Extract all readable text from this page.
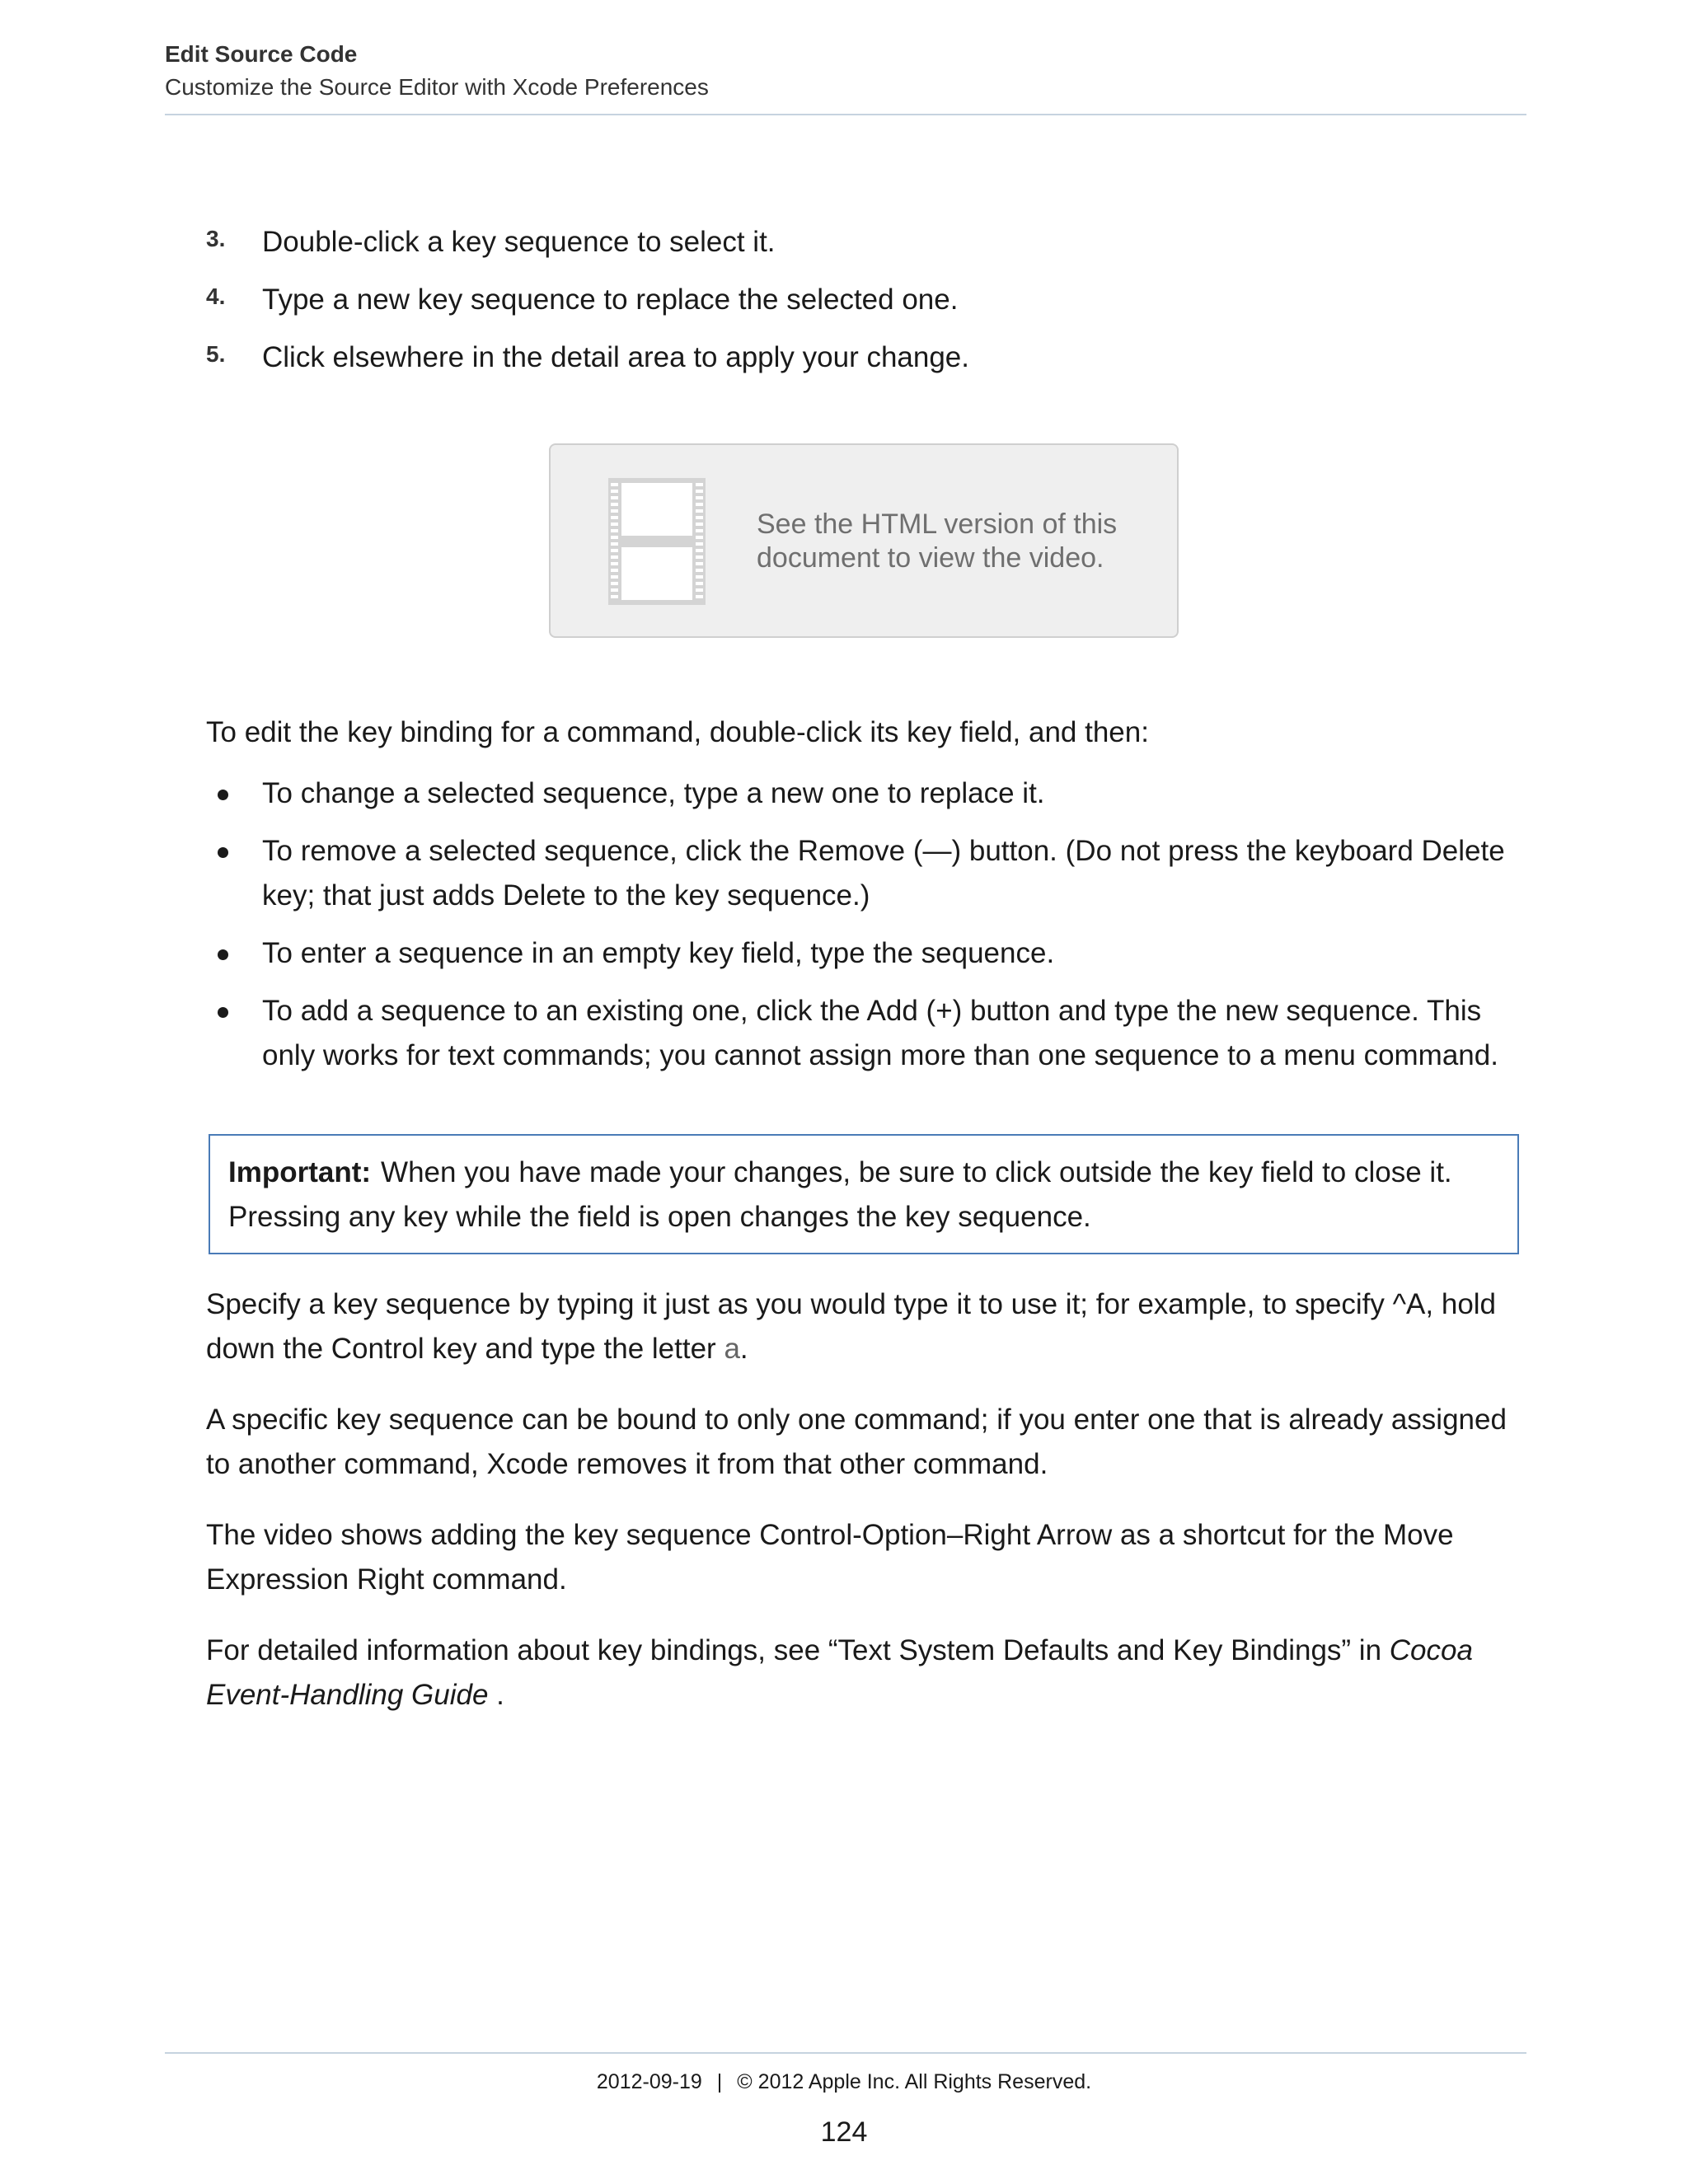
Edit Source Code
Customize the Source Editor with Xcode Preferences
3. Double-click a key sequence to select it.
4. Type a new key sequence to replace the selected one.
5. Click elsewhere in the detail area to apply your change.
See the HTML version of this
document to view the video.
To edit the key binding for a command, double-click its key field, and then:
To change a selected sequence, type a new one to replace it.
To remove a selected sequence, click the Remove (—) button. (Do not press the keyboard Delete key; that just adds Delete to the key sequence.)
To enter a sequence in an empty key field, type the sequence.
To add a sequence to an existing one, click the Add (+) button and type the new sequence. This only works for text commands; you cannot assign more than one sequence to a menu command.
Important: When you have made your changes, be sure to click outside the key field to close it. Pressing any key while the field is open changes the key sequence.
Specify a key sequence by typing it just as you would type it to use it; for example, to specify ^A, hold down the Control key and type the letter a.
A specific key sequence can be bound to only one command; if you enter one that is already assigned to another command, Xcode removes it from that other command.
The video shows adding the key sequence Control-Option–Right Arrow as a shortcut for the Move Expression Right command.
For detailed information about key bindings, see “Text System Defaults and Key Bindings” in Cocoa Event-Handling Guide .
2012-09-19 | © 2012 Apple Inc. All Rights Reserved.
124
